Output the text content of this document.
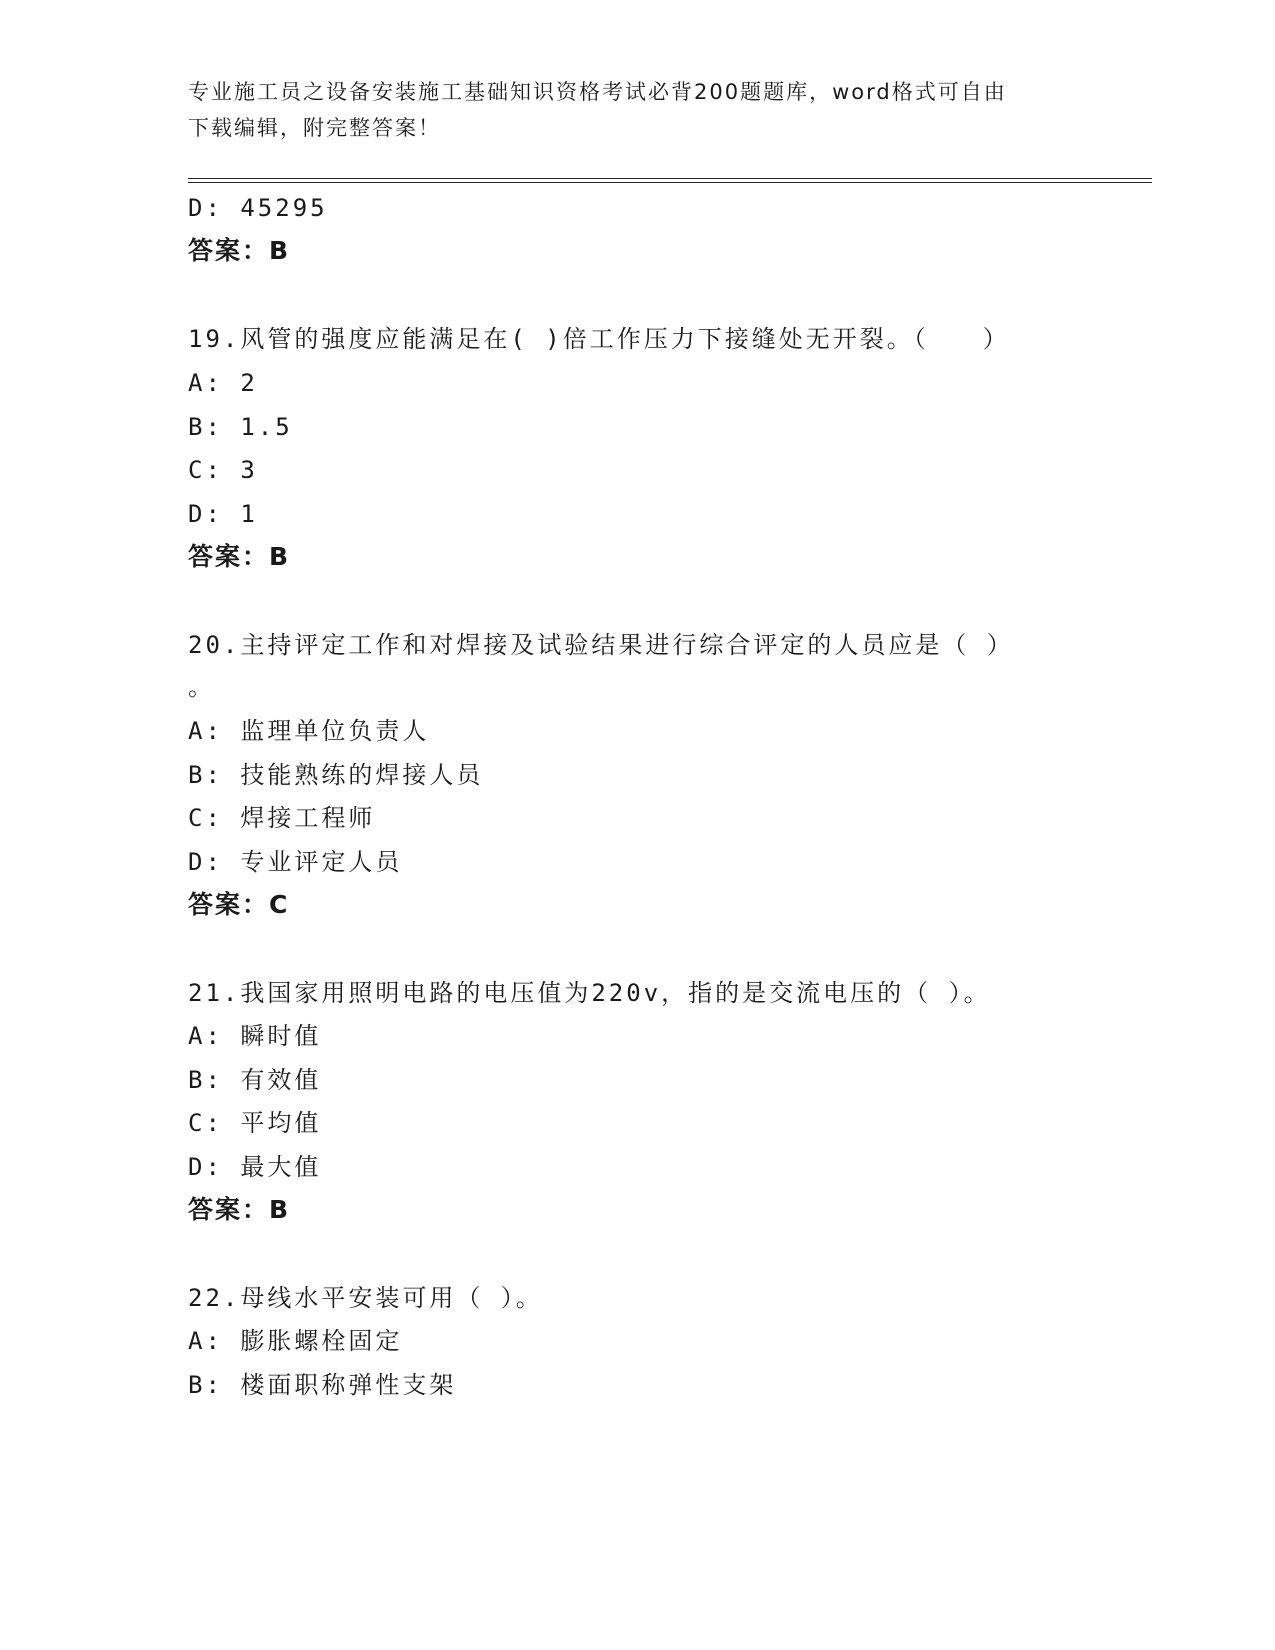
专业施工员之设备安装施工基础知识资格考试必背200题题库，word格式可自由
下载编辑，附完整答案！
D: 45295
答案：B
19.风管的强度应能满足在( )倍工作压力下接缝处无开裂。（　　）
A: 2
B: 1.5
C: 3
D: 1
答案：B
20.主持评定工作和对焊接及试验结果进行综合评定的人员应是（ ）
。
A: 监理单位负责人
B: 技能熟练的焊接人员
C: 焊接工程师
D: 专业评定人员
答案：C
21.我国家用照明电路的电压值为220v，指的是交流电压的（ ）。
A: 瞬时值
B: 有效值
C: 平均值
D: 最大值
答案：B
22.母线水平安装可用（ ）。
A: 膨胀螺栓固定
B: 楼面职称弹性支架
